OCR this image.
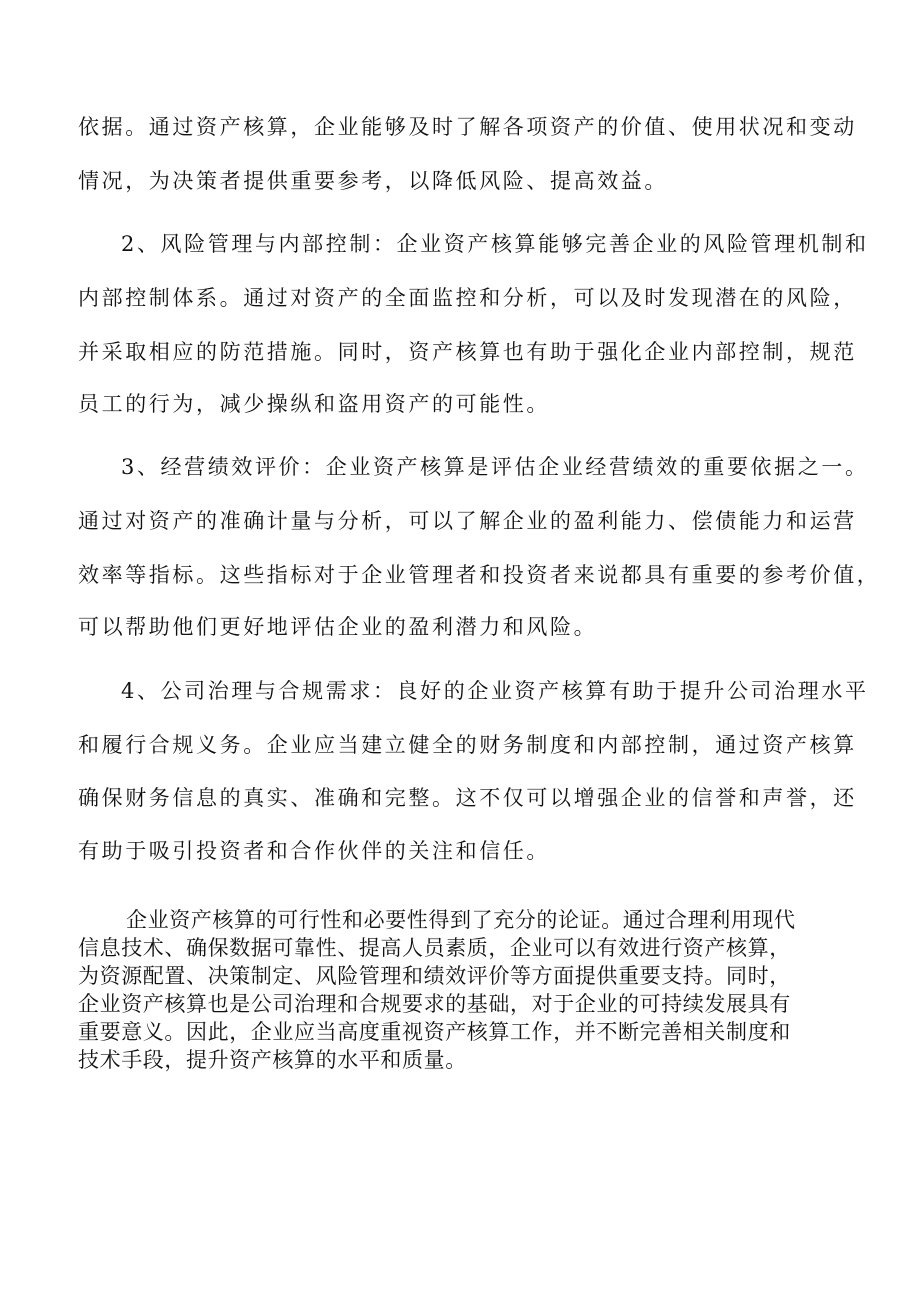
依据。通过资产核算，企业能够及时了解各项资产的价值、使用状况和变动
情况，为决策者提供重要参考，以降低风险、提高效益。
2、风险管理与内部控制：企业资产核算能够完善企业的风险管理机制和
内部控制体系。通过对资产的全面监控和分析，可以及时发现潜在的风险，
并采取相应的防范措施。同时，资产核算也有助于强化企业内部控制，规范
员工的行为，减少操纵和盗用资产的可能性。
3、经营绩效评价：企业资产核算是评估企业经营绩效的重要依据之一。
通过对资产的准确计量与分析，可以了解企业的盈利能力、偿债能力和运营
效率等指标。这些指标对于企业管理者和投资者来说都具有重要的参考价值，
可以帮助他们更好地评估企业的盈利潜力和风险。
4、公司治理与合规需求：良好的企业资产核算有助于提升公司治理水平
和履行合规义务。企业应当建立健全的财务制度和内部控制，通过资产核算
确保财务信息的真实、准确和完整。这不仅可以增强企业的信誉和声誉，还
有助于吸引投资者和合作伙伴的关注和信任。
企业资产核算的可行性和必要性得到了充分的论证。通过合理利用现代
信息技术、确保数据可靠性、提高人员素质，企业可以有效进行资产核算，
为资源配置、决策制定、风险管理和绩效评价等方面提供重要支持。同时，
企业资产核算也是公司治理和合规要求的基础，对于企业的可持续发展具有
重要意义。因此，企业应当高度重视资产核算工作，并不断完善相关制度和
技术手段，提升资产核算的水平和质量。
